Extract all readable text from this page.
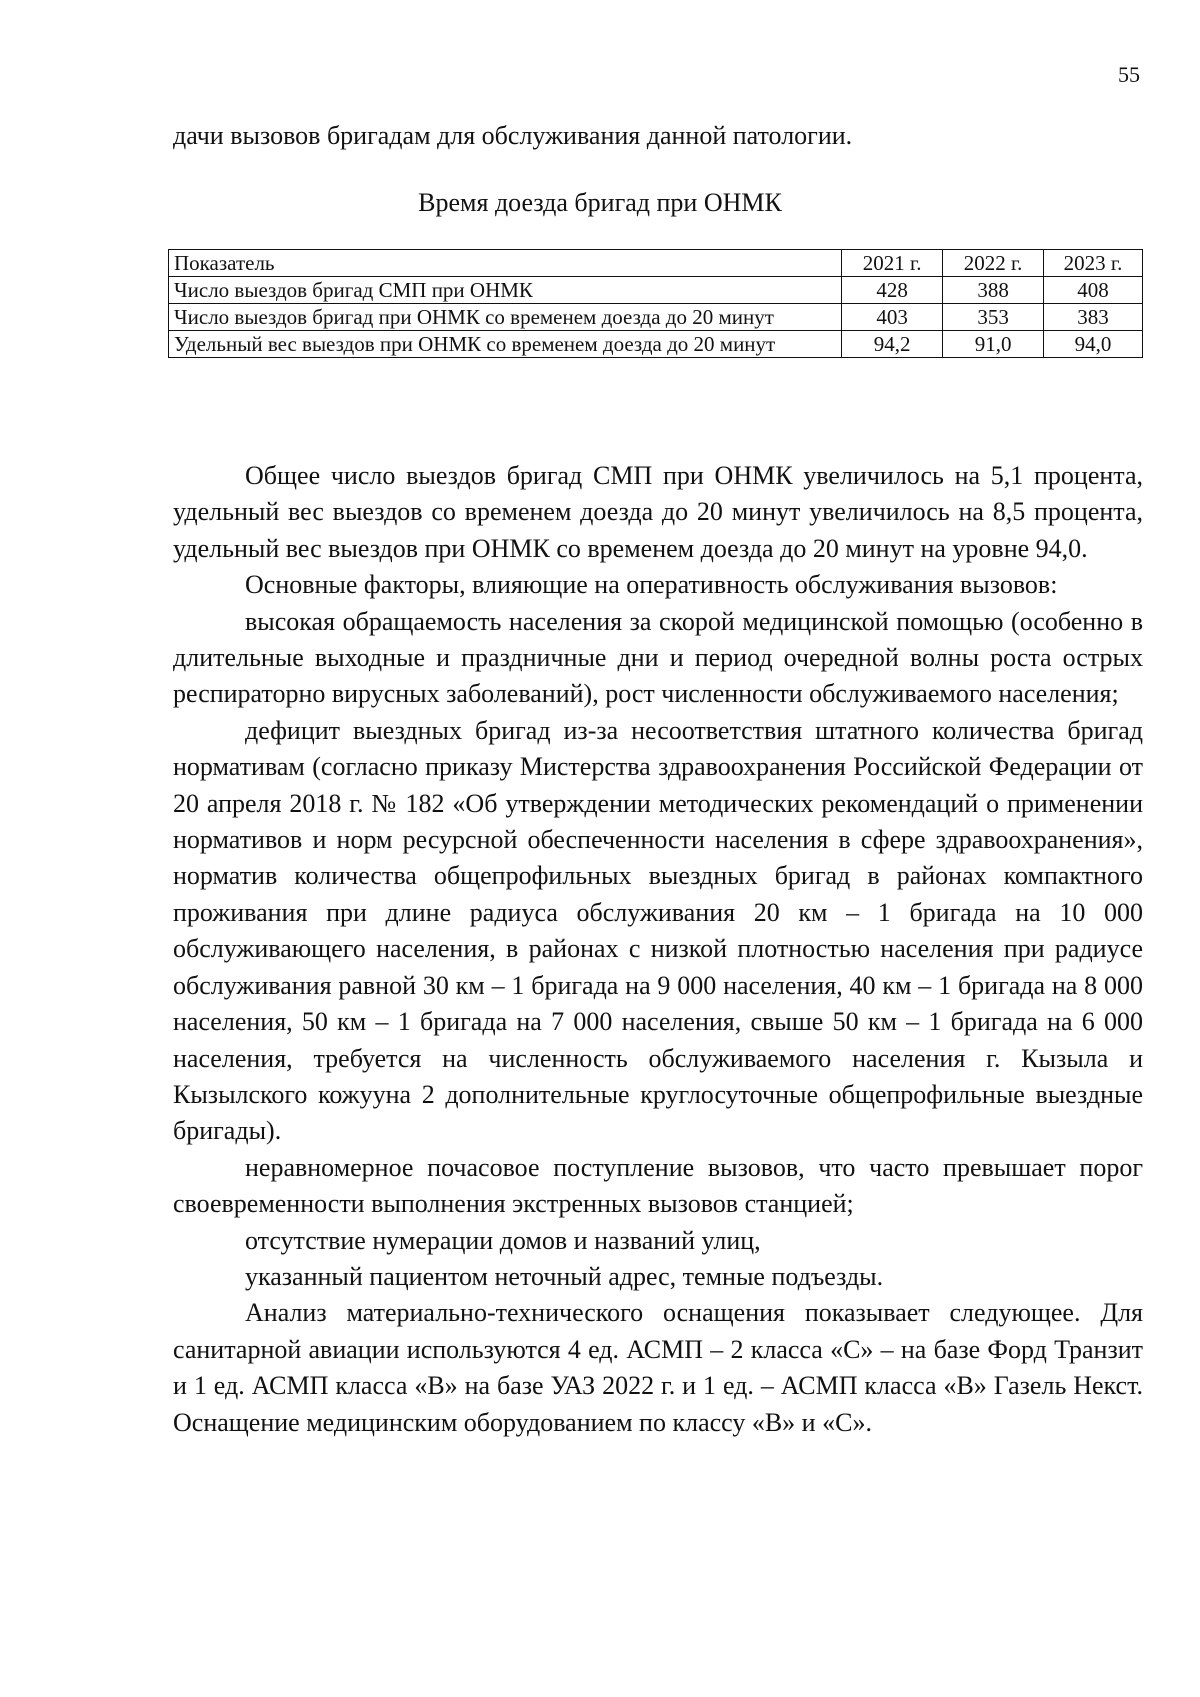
55
дачи вызовов бригадам для обслуживания данной патологии.
Время доезда бригад при ОНМК
Показатель	2021 г.	2022 г.	2023 г.
Число выездов бригад СМП при ОНМК	428	388	408
Число выездов бригад при ОНМК со временем доезда до 20 минут	403	353	383
Удельный вес выездов при ОНМК со временем доезда до 20 минут	94,2	91,0	94,0

Общее число выездов бригад СМП при ОНМК увеличилось на 5,1 процента, удельный вес выездов со временем доезда до 20 минут увеличилось на 8,5 процента, удельный вес выездов при ОНМК со временем доезда до 20 минут на уровне 94,0.

Основные факторы, влияющие на оперативность обслуживания вызовов:

высокая обращаемость населения за скорой медицинской помощью (особенно в длительные выходные и праздничные дни и период очередной волны роста острых респираторно вирусных заболеваний), рост численности обслуживаемого населения;

дефицит выездных бригад из-за несоответствия штатного количества бригад нормативам (согласно приказу Мистерства здравоохранения Российской Федерации от 20 апреля 2018 г. № 182 «Об утверждении методических рекомендаций о применении нормативов и норм ресурсной обеспеченности населения в сфере здравоохранения», норматив количества общепрофильных выездных бригад в районах компактного проживания при длине радиуса обслуживания 20 км – 1 бригада на 10 000 обслуживающего населения, в районах с низкой плотностью населения при радиусе обслуживания равной 30 км – 1 бригада на 9 000 населения, 40 км – 1 бригада на 8 000 населения, 50 км – 1 бригада на 7 000 населения, свыше 50 км – 1 бригада на 6 000 населения, требуется на численность обслуживаемого населения г. Кызыла и Кызылского кожууна 2 дополнительные круглосуточные общепрофильные выездные бригады).

неравномерное почасовое поступление вызовов, что часто превышает порог своевременности выполнения экстренных вызовов станцией;

отсутствие нумерации домов и названий улиц,

указанный пациентом неточный адрес, темные подъезды.

Анализ материально-технического оснащения показывает следующее. Для санитарной авиации используются 4 ед. АСМП – 2 класса «С» – на базе Форд Транзит и 1 ед. АСМП класса «В» на базе УАЗ 2022 г. и 1 ед. – АСМП класса «В» Газель Некст. Оснащение медицинским оборудованием по классу «В» и «С».
